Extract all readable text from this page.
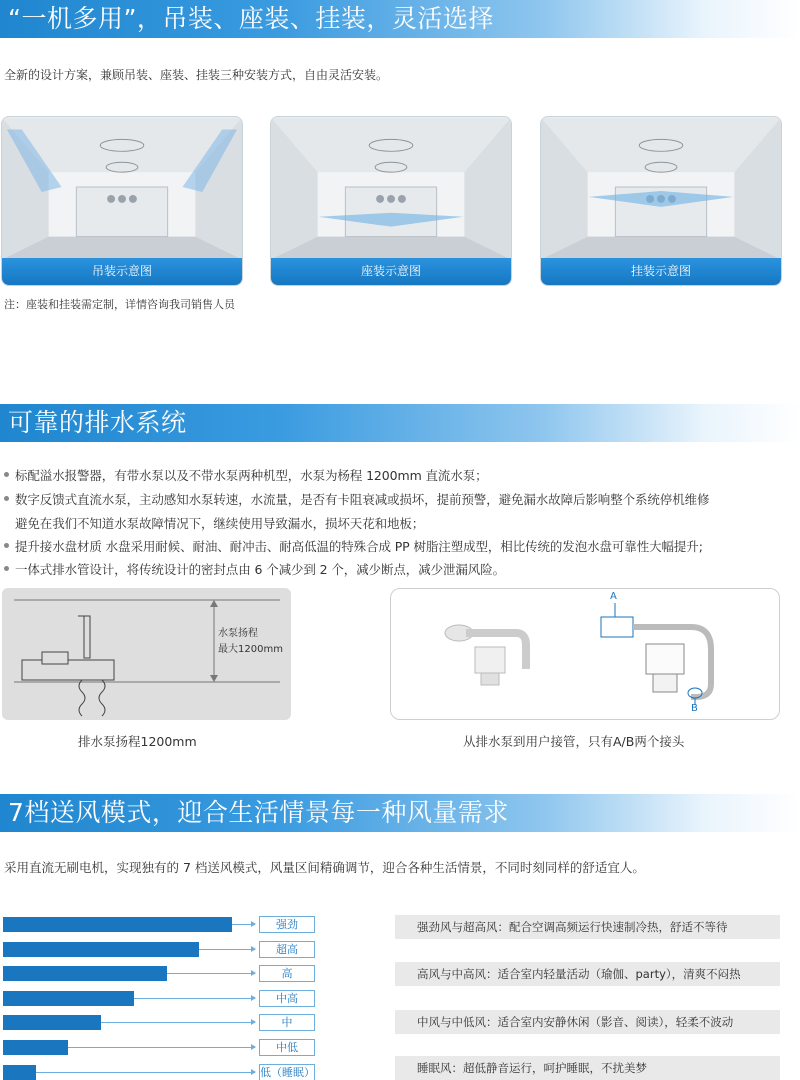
“一机多用”，吊装、座装、挂装，灵活选择
全新的设计方案，兼顾吊装、座装、挂装三种安装方式，自由灵活安装。
吊装示意图	座装示意图	挂装示意图
注：座装和挂装需定制，详情咨询我司销售人员
可靠的排水系统
标配溢水报警器，有带水泵以及不带水泵两种机型，水泵为杨程 1200mm 直流水泵；
数字反馈式直流水泵，主动感知水泵转速，水流量，是否有卡阻衰减或损坏，提前预警，避免漏水故障后影响整个系统停机维修
避免在我们不知道水泵故障情况下，继续使用导致漏水，损坏天花和地板；
提升接水盘材质 水盘采用耐候、耐油、耐冲击、耐高低温的特殊合成 PP 树脂注塑成型，相比传统的发泡水盘可靠性大幅提升;
一体式排水管设计，将传统设计的密封点由 6 个减少到 2 个，减少断点，减少泄漏风险。
水泵扬程
最大1200mm
排水泵扬程1200mm
A
B
从排水泵到用户接管，只有A/B两个接头
7档送风模式，迎合生活情景每一种风量需求
采用直流无刷电机，实现独有的 7 档送风模式，风量区间精确调节，迎合各种生活情景，不同时刻同样的舒适宜人。
强劲
超高
高
中高
中
中低
低（睡眠）
强劲风与超高风：配合空调高频运行快速制冷热，舒适不等待
高风与中高风：适合室内轻量活动（瑜伽、party），清爽不闷热
中风与中低风：适合室内安静休闲（影音、阅读），轻柔不波动
睡眠风：超低静音运行，呵护睡眠，不扰美梦
